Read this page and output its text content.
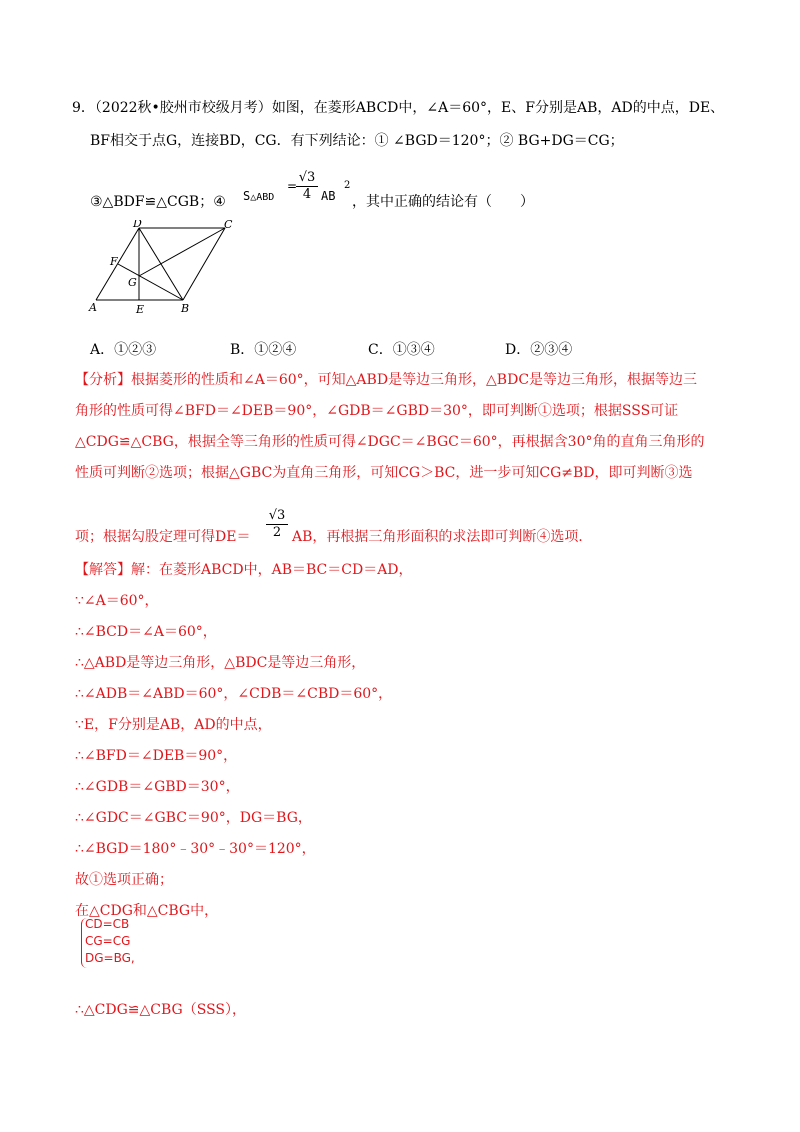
9．（2022秋•胶州市校级月考）如图，在菱形ABCD中，∠A＝60°，E、F分别是AB，AD的中点，DE、
BF相交于点G，连接BD，CG．有下列结论：① ∠BGD＝120°；② BG+DG＝CG；
③△BDF≌△CGB；④ S△ABD
=
$\frac{√3}{4}$ AB
2
，其中正确的结论有（　　）
A	B
C
D
E
F
G
A．①②③	B．①②④	C．①③④	D．②③④
【分析】根据菱形的性质和∠A＝60°，可知△ABD是等边三角形，△BDC是等边三角形，根据等边三
角形的性质可得∠BFD＝∠DEB＝90°，∠GDB＝∠GBD＝30°，即可判断①选项；根据SSS可证
△CDG≌△CBG，根据全等三角形的性质可得∠DGC＝∠BGC＝60°，再根据含30°角的直角三角形的
性质可判断②选项；根据△GBC为直角三角形，可知CG＞BC，进一步可知CG≠BD，即可判断③选
项；根据勾股定理可得$DE= \frac{√3}{2}$ AB，再根据三角形面积的求法即可判断④选项．
【解答】解：在菱形ABCD中，AB＝BC＝CD＝AD，
∵∠A＝60°，
∴∠BCD＝∠A＝60°，
∴△ABD是等边三角形，△BDC是等边三角形，
∴∠ADB＝∠ABD＝60°，∠CDB＝∠CBD＝60°，
∵E，F分别是AB，AD的中点，
∴∠BFD＝∠DEB＝90°，
∴∠GDB＝∠GBD＝30°，
∴∠GDC＝∠GBC＝90°，DG＝BG，
∴∠BGD＝180°﹣30°﹣30°＝120°，
故①选项正确；
在△CDG和△CBG中，
CD=CB
CG=CG
DG=BG,
∴△CDG≌△CBG（SSS），
